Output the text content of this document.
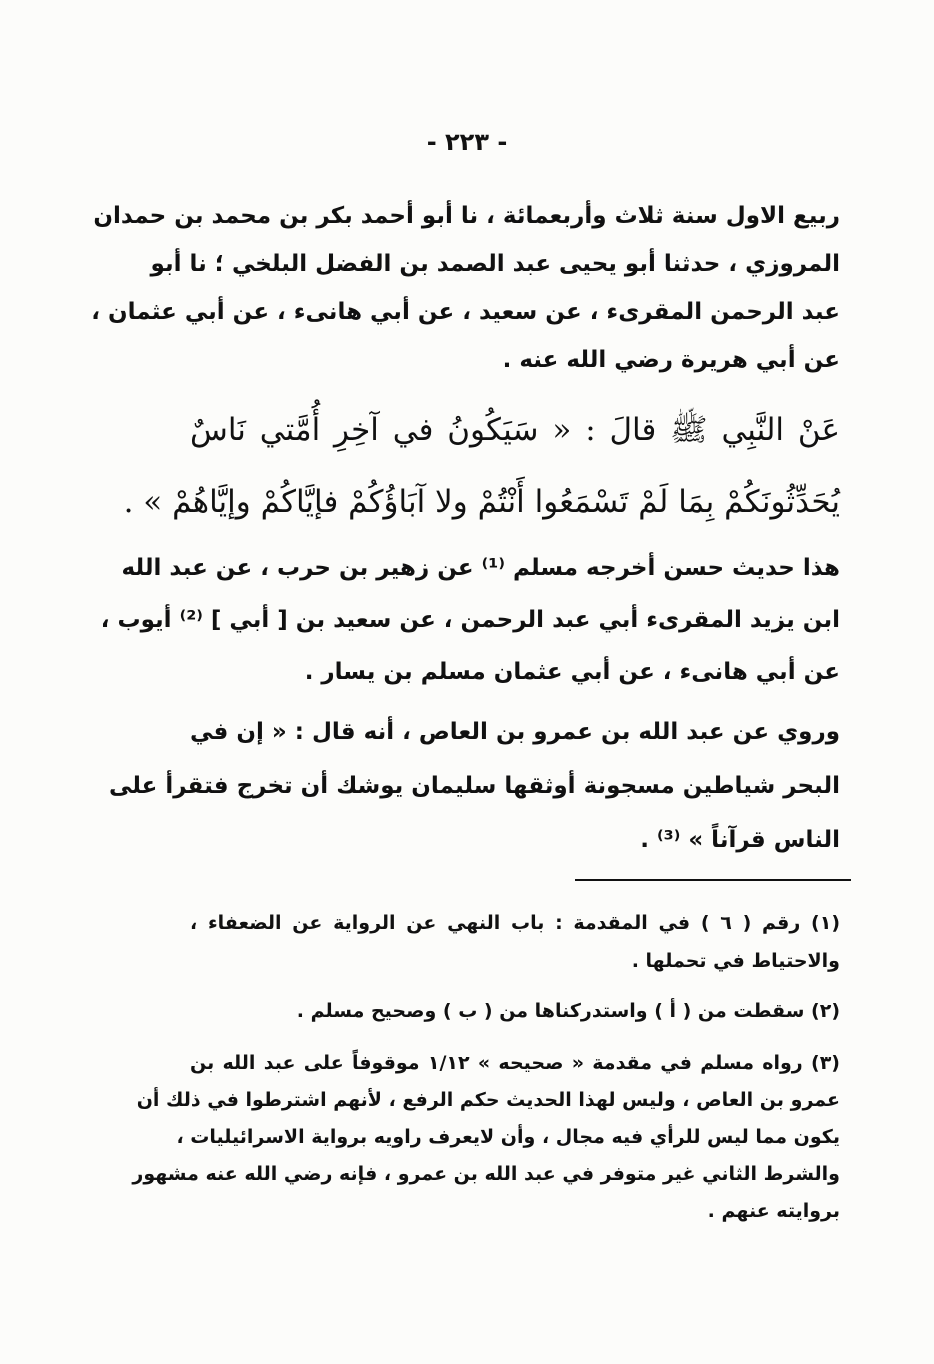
- ٢٢٣ -
ربيع الاول سنة ثلاث وأربعمائة ، نا أبو أحمد بكر بن محمد بن حمدان
المروزي ، حدثنا أبو يحيى عبد الصمد بن الفضل البلخي ؛ نا أبو
عبد الرحمن المقرىء ، عن سعيد ، عن أبي هانىء ، عن أبي عثمان ،
عن أبي هريرة رضي الله عنه .
عَنْ النَّبِي ﷺ قالَ : « سَيَكُونُ في آخِرِ أُمَّتي نَاسٌ
يُحَدِّثُونَكُمْ بِمَا لَمْ تَسْمَعُوا أَنْتُمْ ولا آبَاؤُكُمْ فإيَّاكُمْ وإيَّاهُمْ » .
هذا حديث حسن أخرجه مسلم ⁽¹⁾ عن زهير بن حرب ، عن عبد الله
ابن يزيد المقرىء أبي عبد الرحمن ، عن سعيد بن [ أبي ] ⁽²⁾ أيوب ،
عن أبي هانىء ، عن أبي عثمان مسلم بن يسار .
وروي عن عبد الله بن عمرو بن العاص ، أنه قال : « إن في
البحر شياطين مسجونة أوثقها سليمان يوشك أن تخرج فتقرأ على
الناس قرآناً » ⁽³⁾ .
(١) رقم ( ٦ ) في المقدمة : باب النهي عن الرواية عن الضعفاء ،
والاحتياط في تحملها .
(٢) سقطت من ( أ ) واستدركناها من ( ب ) وصحيح مسلم .
(٣) رواه مسلم في مقدمة « صحيحه » ١/١٢ موقوفاً على عبد الله بن
عمرو بن العاص ، وليس لهذا الحديث حكم الرفع ، لأنهم اشترطوا في ذلك أن
يكون مما ليس للرأي فيه مجال ، وأن لايعرف راويه برواية الاسرائيليات ،
والشرط الثاني غير متوفر في عبد الله بن عمرو ، فإنه رضي الله عنه مشهور
بروايته عنهم .
